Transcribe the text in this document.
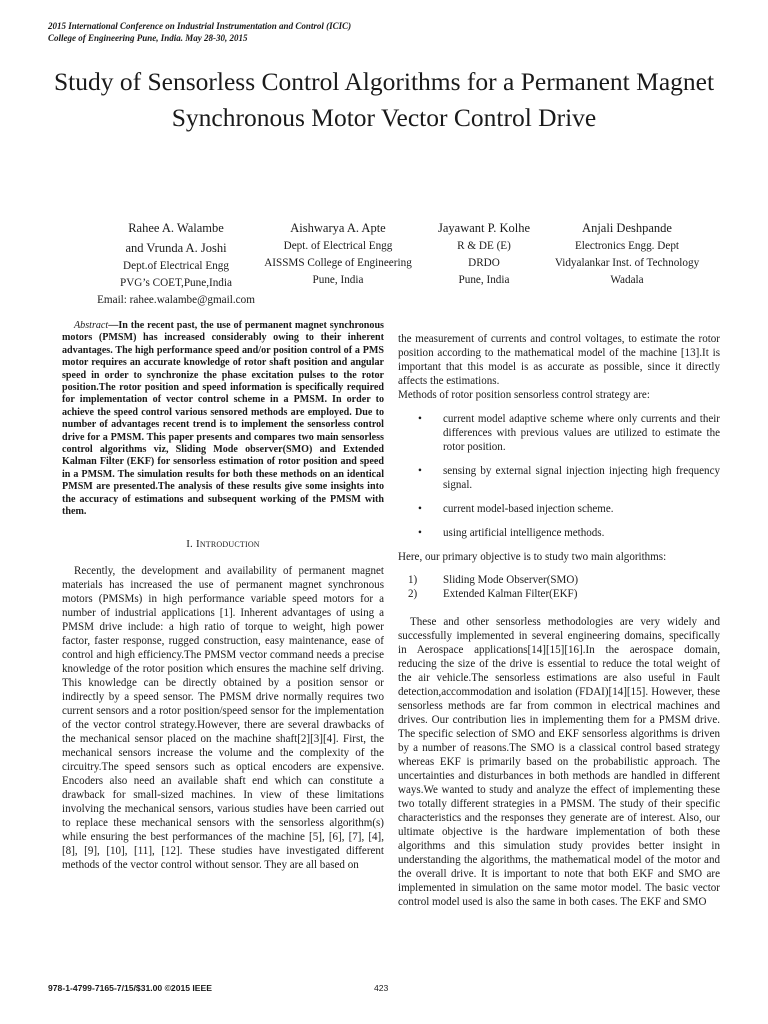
2015 International Conference on Industrial Instrumentation and Control (ICIC)
College of Engineering Pune, India. May 28-30, 2015
Study of Sensorless Control Algorithms for a Permanent Magnet Synchronous Motor Vector Control Drive
Rahee A. Walambe
and Vrunda A. Joshi
Dept.of Electrical Engg
PVG’s COET,Pune,India
Email: rahee.walambe@gmail.com
Aishwarya A. Apte
Dept. of Electrical Engg
AISSMS College of Engineering
Pune, India
Jayawant P. Kolhe
R & DE (E)
DRDO
Pune, India
Anjali Deshpande
Electronics Engg. Dept
Vidyalankar Inst. of Technology
Wadala

Abstract—In the recent past, the use of permanent magnet synchronous motors (PMSM) has increased considerably owing to their inherent advantages. The high performance speed and/or position control of a PMS motor requires an accurate knowledge of rotor shaft position and angular speed in order to synchronize the phase excitation pulses to the rotor position.The rotor position and speed information is specifically required for implementation of vector control scheme in a PMSM. In order to achieve the speed control various sensored methods are employed. Due to number of advantages recent trend is to implement the sensorless control drive for a PMSM. This paper presents and compares two main sensorless control algorithms viz, Sliding Mode observer(SMO) and Extended Kalman Filter (EKF) for sensorless estimation of rotor position and speed in a PMSM. The simulation results for both these methods on an identical PMSM are presented.The analysis of these results give some insights into the accuracy of estimations and subsequent working of the PMSM with them.

I. Introduction

Recently, the development and availability of permanent magnet materials has increased the use of permanent magnet synchronous motors (PMSMs) in high performance variable speed motors for a number of industrial applications [1]. Inherent advantages of using a PMSM drive include: a high ratio of torque to weight, high power factor, faster response, rugged construction, easy maintenance, ease of control and high efficiency.The PMSM vector command needs a precise knowledge of the rotor position which ensures the machine self driving. This knowledge can be directly obtained by a position sensor or indirectly by a speed sensor. The PMSM drive normally requires two current sensors and a rotor position/speed sensor for the implementation of the vector control strategy.However, there are several drawbacks of the mechanical sensor placed on the machine shaft[2][3][4]. First, the mechanical sensors increase the volume and the complexity of the circuitry.The speed sensors such as optical encoders are expensive. Encoders also need an available shaft end which can constitute a drawback for small-sized machines. In view of these limitations involving the mechanical sensors, various studies have been carried out to replace these mechanical sensors with the sensorless algorithm(s) while ensuring the best performances of the machine [5], [6], [7], [4], [8], [9], [10], [11], [12]. These studies have investigated different methods of the vector control without sensor. They are all based on

the measurement of currents and control voltages, to estimate the rotor position according to the mathematical model of the machine [13].It is important that this model is as accurate as possible, since it directly affects the estimations.

Methods of rotor position sensorless control strategy are:

• current model adaptive scheme where only currents and their differences with previous values are utilized to estimate the rotor position.
• sensing by external signal injection injecting high frequency signal.
• current model-based injection scheme.
• using artificial intelligence methods.

Here, our primary objective is to study two main algorithms:

1) Sliding Mode Observer(SMO)
2) Extended Kalman Filter(EKF)

These and other sensorless methodologies are very widely and successfully implemented in several engineering domains, specifically in Aerospace applications[14][15][16].In the aerospace domain, reducing the size of the drive is essential to reduce the total weight of the air vehicle.The sensorless estimations are also useful in Fault detection,accommodation and isolation (FDAI)[14][15]. However, these sensorless methods are far from common in electrical machines and drives. Our contribution lies in implementing them for a PMSM drive. The specific selection of SMO and EKF sensorless algorithms is driven by a number of reasons.The SMO is a classical control based strategy whereas EKF is primarily based on the probabilistic approach. The uncertainties and disturbances in both methods are handled in different ways.We wanted to study and analyze the effect of implementing these two totally different strategies in a PMSM. The study of their specific characteristics and the responses they generate are of interest. Also, our ultimate objective is the hardware implementation of both these algorithms and this simulation study provides better insight in understanding the algorithms, the mathematical model of the motor and the overall drive. It is important to note that both EKF and SMO are implemented in simulation on the same motor model. The basic vector control model used is also the same in both cases. The EKF and SMO

978-1-4799-7165-7/15/$31.00 ©2015 IEEE	423
